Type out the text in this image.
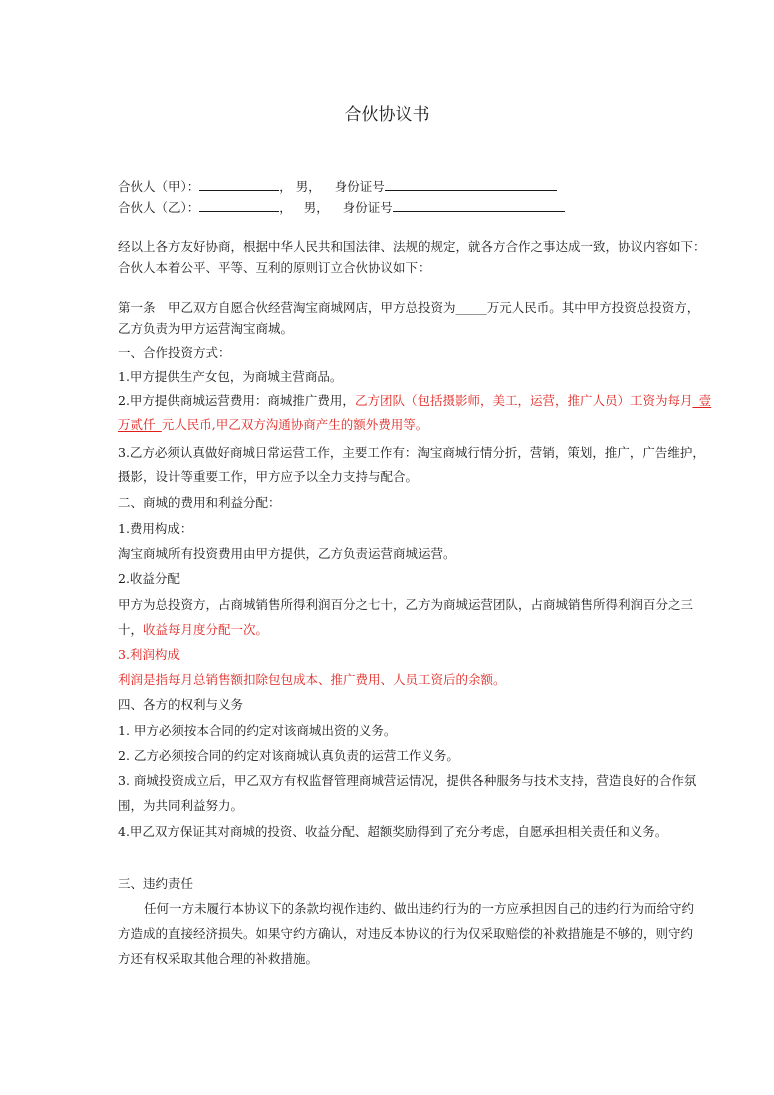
合伙协议书
合伙人（甲）：	， 男， 身份证号
合伙人（乙）：	， 男， 身份证号
经以上各方友好协商，根据中华人民共和国法律、法规的规定，就各方合作之事达成一致，协议内容如下：
合伙人本着公平、平等、互利的原则订立合伙协议如下：
第一条　甲乙双方自愿合伙经营淘宝商城网店，甲方总投资为_____万元人民币。其中甲方投资总投资方，
乙方负责为甲方运营淘宝商城。
一、合作投资方式：
1.甲方提供生产女包，为商城主营商品。
2.甲方提供商城运营费用：商城推广费用，乙方团队（包括摄影师，美工，运营，推广人员）工资为每月_壹
万贰仟_元人民币,甲乙双方沟通协商产生的额外费用等。
3.乙方必须认真做好商城日常运营工作，主要工作有：淘宝商城行情分折，营销，策划，推广，广告维护，
摄影，设计等重要工作，甲方应予以全力支持与配合。
二、商城的费用和利益分配：
1.费用构成：
淘宝商城所有投资费用由甲方提供，乙方负责运营商城运营。
2.收益分配
甲方为总投资方，占商城销售所得利润百分之七十，乙方为商城运营团队，占商城销售所得利润百分之三
十，收益每月度分配一次。
3.利润构成
利润是指每月总销售额扣除包包成本、推广费用、人员工资后的余额。
四、各方的权利与义务
1. 甲方必须按本合同的约定对该商城出资的义务。
2. 乙方必须按合同的约定对该商城认真负责的运营工作义务。
3. 商城投资成立后，甲乙双方有权监督管理商城营运情况，提供各种服务与技术支持，营造良好的合作氛
围，为共同利益努力。
4.甲乙双方保证其对商城的投资、收益分配、超额奖励得到了充分考虑，自愿承担相关责任和义务。
三、违约责任
任何一方未履行本协议下的条款均视作违约、做出违约行为的一方应承担因自己的违约行为而给守约
方造成的直接经济损失。如果守约方确认，对违反本协议的行为仅采取赔偿的补救措施是不够的，则守约
方还有权采取其他合理的补救措施。
